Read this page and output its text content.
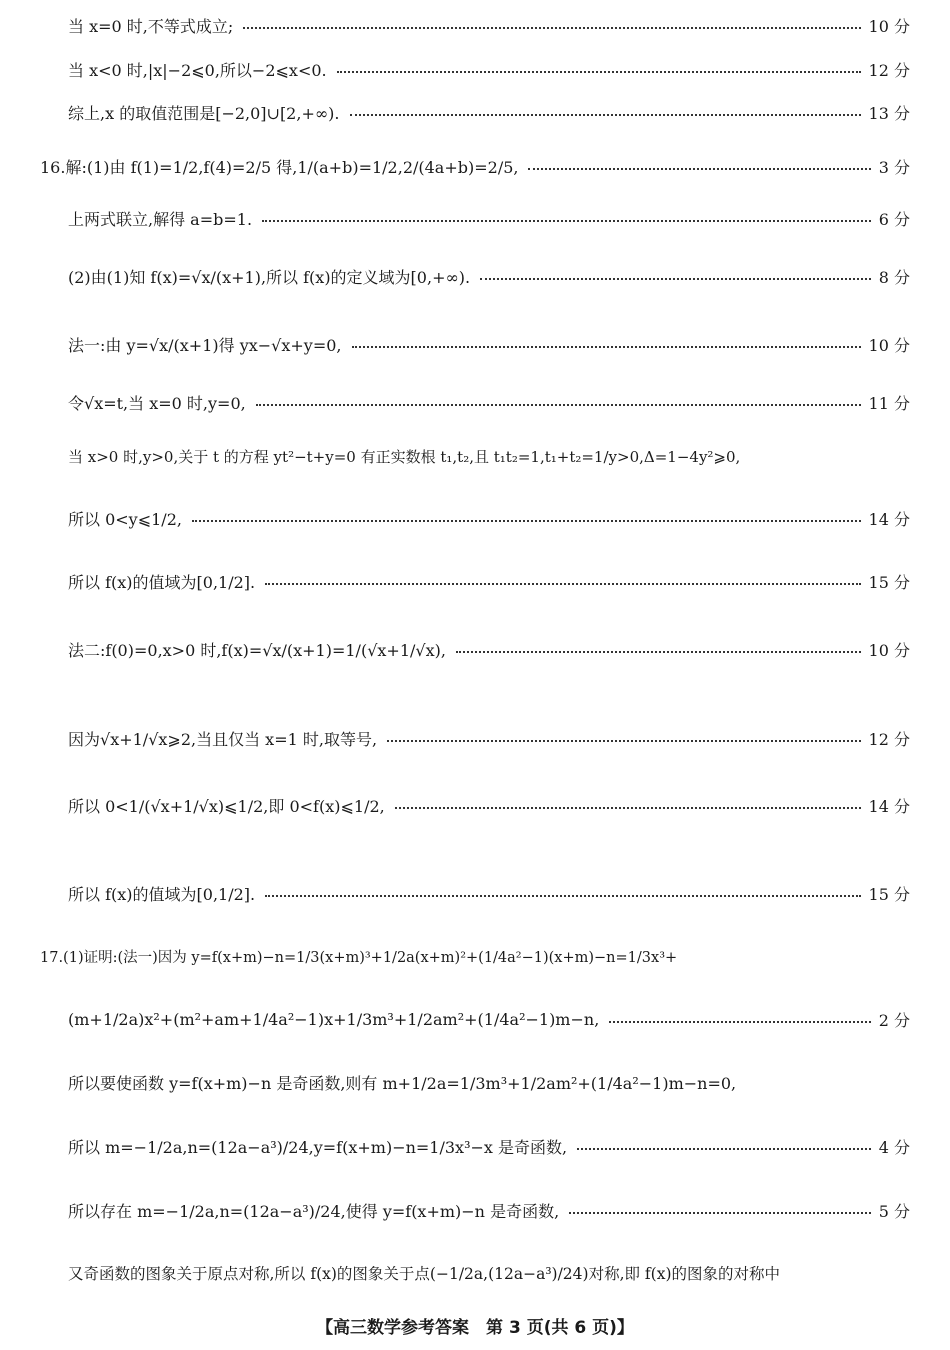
当 x=0 时,不等式成立;	10 分
当 x<0 时,|x|−2⩽0,所以−2⩽x<0.	12 分
综上,x 的取值范围是[−2,0]∪[2,+∞).	13 分
16.解:(1)由 f(1)=1/2,f(4)=2/5 得,1/(a+b)=1/2,2/(4a+b)=2/5,	3 分
上两式联立,解得 a=b=1.	6 分
(2)由(1)知 f(x)=√x/(x+1),所以 f(x)的定义域为[0,+∞).	8 分
法一:由 y=√x/(x+1)得 yx−√x+y=0,	10 分
令√x=t,当 x=0 时,y=0,	11 分
当 x>0 时,y>0,关于 t 的方程 yt²−t+y=0 有正实数根 t₁,t₂,且 t₁t₂=1,t₁+t₂=1/y>0,Δ=1−4y²⩾0,
所以 0<y⩽1/2,	14 分
所以 f(x)的值域为[0,1/2].	15 分
法二:f(0)=0,x>0 时,f(x)=√x/(x+1)=1/(√x+1/√x),	10 分
因为√x+1/√x⩾2,当且仅当 x=1 时,取等号,	12 分
所以 0<1/(√x+1/√x)⩽1/2,即 0<f(x)⩽1/2,	14 分
所以 f(x)的值域为[0,1/2].	15 分
17.(1)证明:(法一)因为 y=f(x+m)−n=1/3(x+m)³+1/2a(x+m)²+(1/4a²−1)(x+m)−n=1/3x³+
(m+1/2a)x²+(m²+am+1/4a²−1)x+1/3m³+1/2am²+(1/4a²−1)m−n,	2 分
所以要使函数 y=f(x+m)−n 是奇函数,则有 m+1/2a=1/3m³+1/2am²+(1/4a²−1)m−n=0,
所以 m=−1/2a,n=(12a−a³)/24,y=f(x+m)−n=1/3x³−x 是奇函数,	4 分
所以存在 m=−1/2a,n=(12a−a³)/24,使得 y=f(x+m)−n 是奇函数,	5 分
又奇函数的图象关于原点对称,所以 f(x)的图象关于点(−1/2a,(12a−a³)/24)对称,即 f(x)的图象的对称中
【高三数学参考答案　第 3 页(共 6 页)】
